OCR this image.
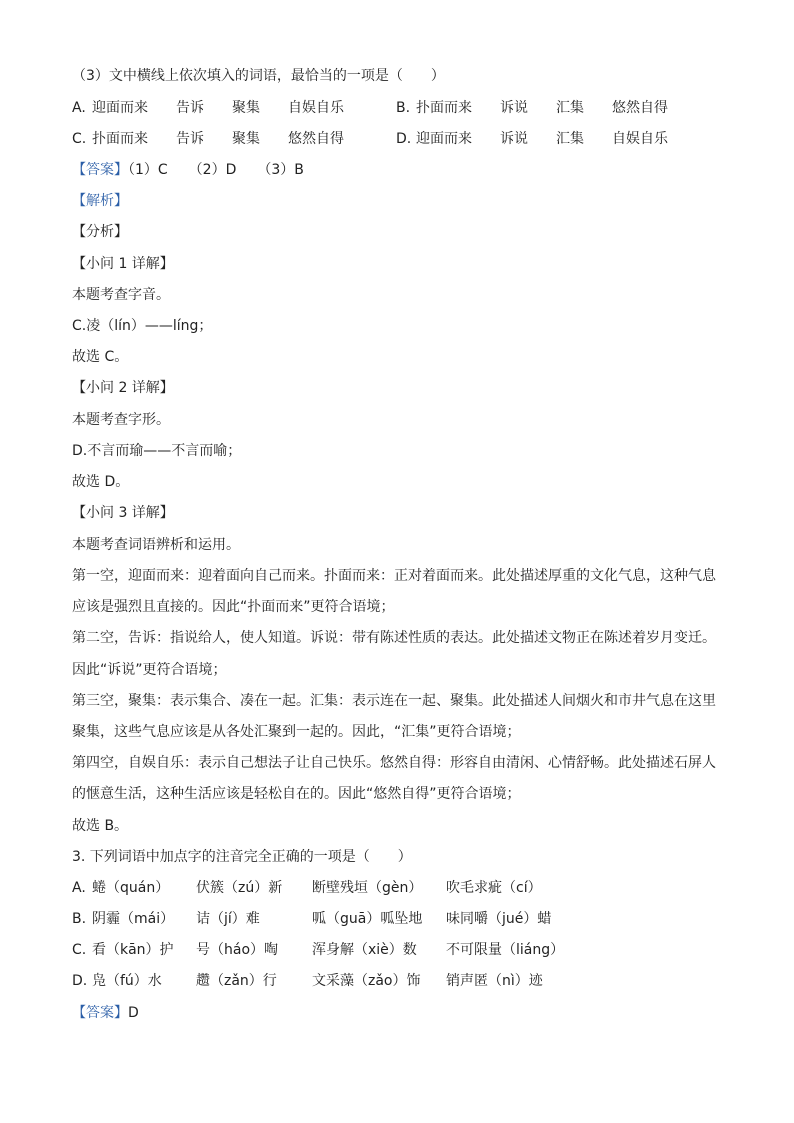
（3）文中横线上依次填入的词语，最恰当的一项是（　　）
A. 迎面而来 告诉 聚集 自娱自乐	B. 扑面而来 诉说 汇集 悠然自得
C. 扑面而来 告诉 聚集 悠然自得	D. 迎面而来 诉说 汇集 自娱自乐
【答案】（1）C　　（2）D　　（3）B
【解析】
【分析】
【小问 1 详解】
本题考查字音。
C.凌（lín）——líng；
故选 C。
【小问 2 详解】
本题考查字形。
D.不言而瑜——不言而喻；
故选 D。
【小问 3 详解】
本题考查词语辨析和运用。
第一空，迎面而来：迎着面向自己而来。扑面而来：正对着面而来。此处描述厚重的文化气息，这种气息
应该是强烈且直接的。因此“扑面而来”更符合语境；
第二空，告诉：指说给人，使人知道。诉说：带有陈述性质的表达。此处描述文物正在陈述着岁月变迁。
因此“诉说”更符合语境；
第三空，聚集：表示集合、凑在一起。汇集：表示连在一起、聚集。此处描述人间烟火和市井气息在这里
聚集，这些气息应该是从各处汇聚到一起的。因此，“汇集”更符合语境；
第四空，自娱自乐：表示自己想法子让自己快乐。悠然自得：形容自由清闲、心情舒畅。此处描述石屏人
的惬意生活，这种生活应该是轻松自在的。因此“悠然自得”更符合语境；
故选 B。
3. 下列词语中加点字的注音完全正确的一项是（　　）
A. 蜷（quán） 伏簇（zú）新 断壁残垣（gèn） 吹毛求疵（cí）
B. 阴霾（mái） 诘（jí）难	呱（guā）呱坠地 味同嚼（jué）蜡
C. 看（kān）护 号（háo）啕 浑身解（xiè）数 不可限量（liáng）
D. 凫（fú）水 趱（zǎn）行	文采藻（zǎo）饰 销声匿（nì）迹
【答案】D
